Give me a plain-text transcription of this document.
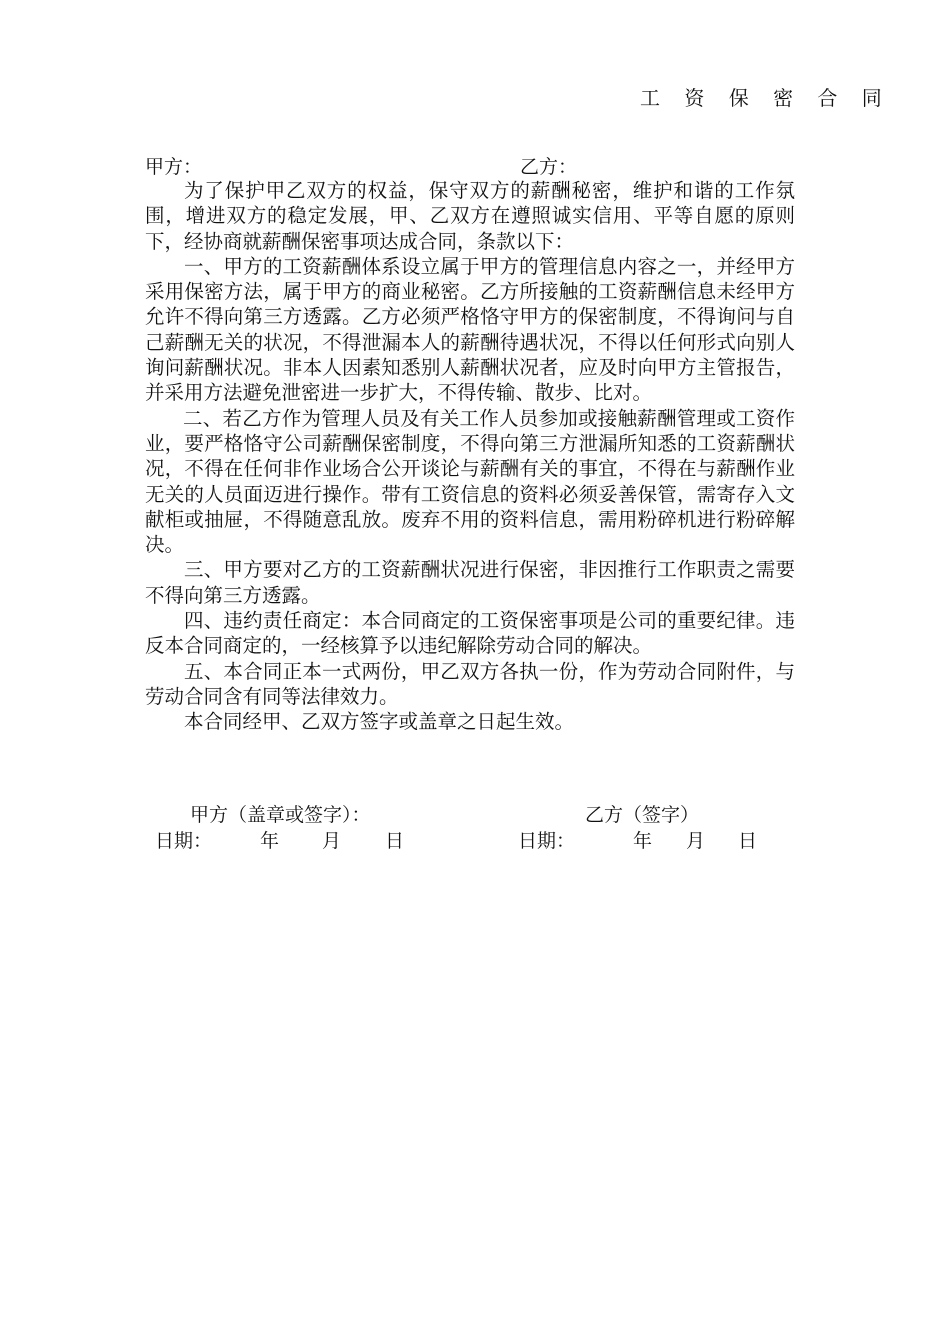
工 资 保 密 合 同
甲方：	乙方：

为了保护甲乙双方的权益，保守双方的薪酬秘密，维护和谐的工作氛围，增进双方的稳定发展，甲、乙双方在遵照诚实信用、平等自愿的原则下，经协商就薪酬保密事项达成合同，条款以下：

一、甲方的工资薪酬体系设立属于甲方的管理信息内容之一，并经甲方采用保密方法，属于甲方的商业秘密。乙方所接触的工资薪酬信息未经甲方允许不得向第三方透露。乙方必须严格恪守甲方的保密制度，不得询问与自己薪酬无关的状况，不得泄漏本人的薪酬待遇状况，不得以任何形式向别人询问薪酬状况。非本人因素知悉别人薪酬状况者，应及时向甲方主管报告，并采用方法避免泄密进一步扩大，不得传输、散步、比对。

二、若乙方作为管理人员及有关工作人员参加或接触薪酬管理或工资作业，要严格恪守公司薪酬保密制度，不得向第三方泄漏所知悉的工资薪酬状况，不得在任何非作业场合公开谈论与薪酬有关的事宜，不得在与薪酬作业无关的人员面迈进行操作。带有工资信息的资料必须妥善保管，需寄存入文献柜或抽屉，不得随意乱放。废弃不用的资料信息，需用粉碎机进行粉碎解决。

三、甲方要对乙方的工资薪酬状况进行保密，非因推行工作职责之需要不得向第三方透露。

四、违约责任商定：本合同商定的工资保密事项是公司的重要纪律。违反本合同商定的，一经核算予以违纪解除劳动合同的解决。

五、本合同正本一式两份，甲乙双方各执一份，作为劳动合同附件，与劳动合同含有同等法律效力。

本合同经甲、乙双方签字或盖章之日起生效。

甲方（盖章或签字）：	乙方（签字）
日期：	年 月 日	日期：	年 月 日
